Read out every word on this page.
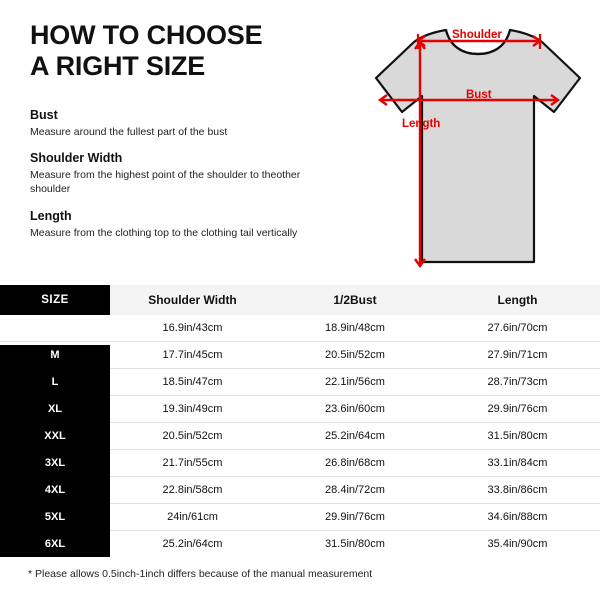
HOW TO CHOOSE
A RIGHT SIZE
Bust
Measure around the fullest part of the bust
Shoulder Width
Measure from the highest point of the shoulder to theother shoulder
Length
Measure from the clothing top to the clothing tail vertically
Shoulder
Bust
Length
SIZE	Shoulder Width	1/2Bust	Length
S	16.9in/43cm	18.9in/48cm	27.6in/70cm
M	17.7in/45cm	20.5in/52cm	27.9in/71cm
L	18.5in/47cm	22.1in/56cm	28.7in/73cm
XL	19.3in/49cm	23.6in/60cm	29.9in/76cm
XXL	20.5in/52cm	25.2in/64cm	31.5in/80cm
3XL	21.7in/55cm	26.8in/68cm	33.1in/84cm
4XL	22.8in/58cm	28.4in/72cm	33.8in/86cm
5XL	24in/61cm	29.9in/76cm	34.6in/88cm
6XL	25.2in/64cm	31.5in/80cm	35.4in/90cm
* Please allows 0.5inch-1inch differs because of the manual measurement
